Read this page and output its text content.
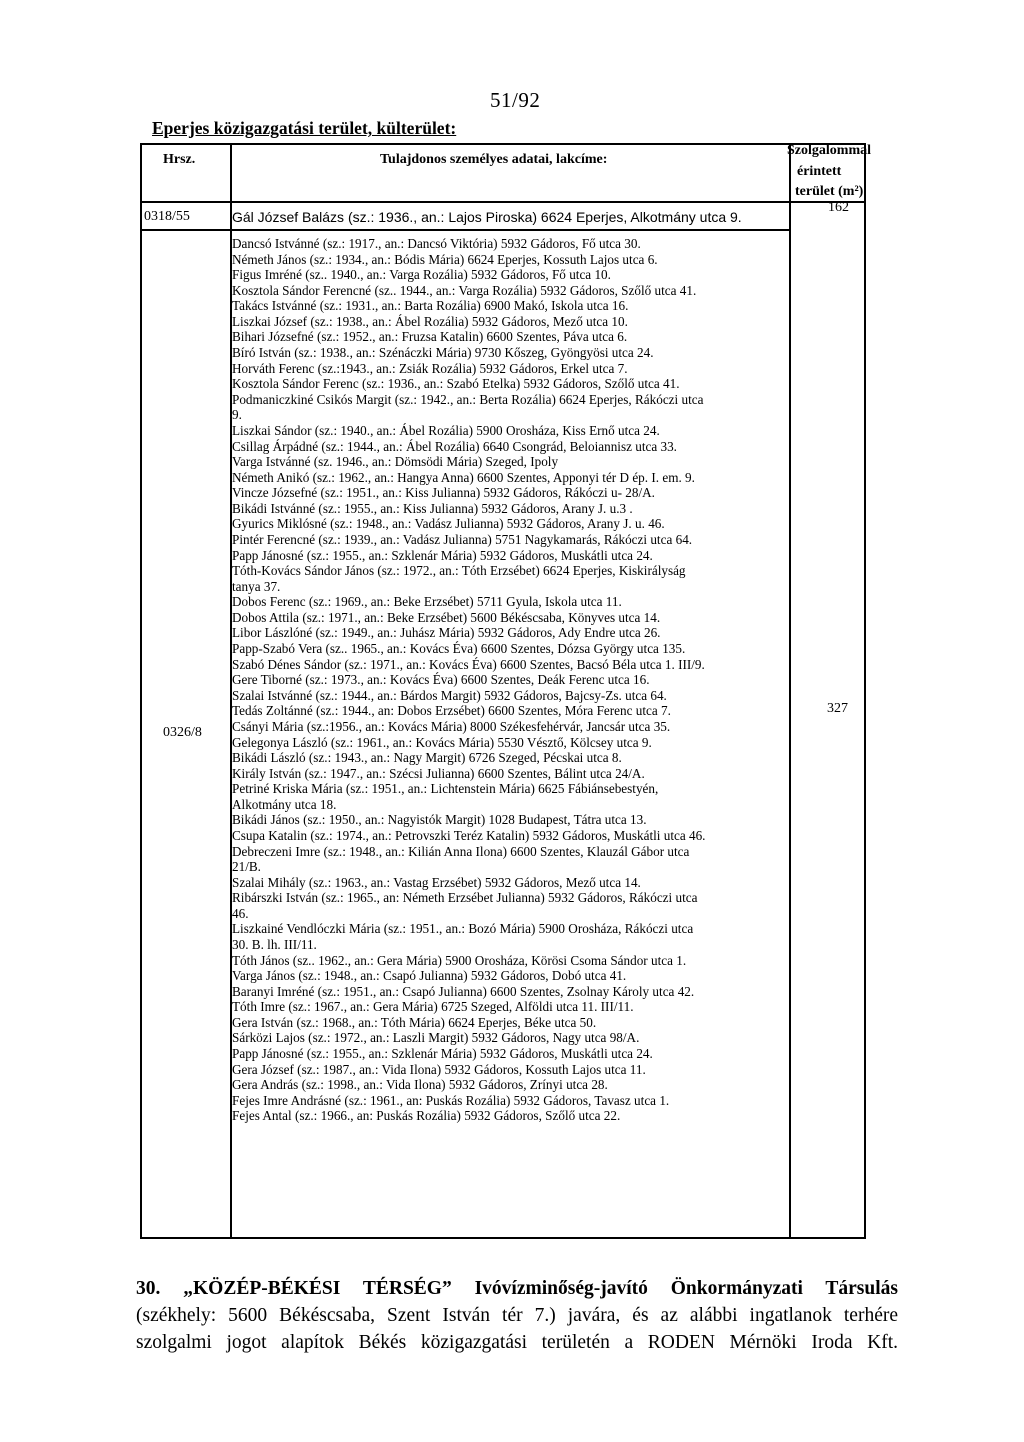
51/92
Eperjes közigazgatási terület, külterület:
Hrsz.	Tulajdonos személyes adatai, lakcíme:
Szolgalommal
érintett
terület (m²)
0318/55	Gál József Balázs (sz.: 1936., an.: Lajos Piroska) 6624 Eperjes, Alkotmány utca 9.
162
0326/8
327
Dancsó Istvánné (sz.: 1917., an.: Dancsó Viktória) 5932 Gádoros, Fő utca 30.
Németh János (sz.: 1934., an.: Bódis Mária) 6624 Eperjes, Kossuth Lajos utca 6.
Figus Imréné (sz.. 1940., an.: Varga Rozália) 5932 Gádoros, Fő utca 10.
Kosztola Sándor Ferencné (sz.. 1944., an.: Varga Rozália) 5932 Gádoros, Szőlő utca 41.
Takács Istvánné (sz.: 1931., an.: Barta Rozália) 6900 Makó, Iskola utca 16.
Liszkai József (sz.: 1938., an.: Ábel Rozália) 5932 Gádoros, Mező utca 10.
Bihari Józsefné (sz.: 1952., an.: Fruzsa Katalin) 6600 Szentes, Páva utca 6.
Bíró István (sz.: 1938., an.: Szénáczki Mária) 9730 Kőszeg, Gyöngyösi utca 24.
Horváth Ferenc (sz.:1943., an.: Zsiák Rozália) 5932 Gádoros, Erkel utca 7.
Kosztola Sándor Ferenc (sz.: 1936., an.: Szabó Etelka) 5932 Gádoros, Szőlő utca 41.
Podmaniczkiné Csikós Margit (sz.: 1942., an.: Berta Rozália) 6624 Eperjes, Rákóczi utca
9.
Liszkai Sándor (sz.: 1940., an.: Ábel Rozália) 5900 Orosháza, Kiss Ernő utca 24.
Csillag Árpádné (sz.: 1944., an.: Ábel Rozália) 6640 Csongrád, Beloiannisz utca 33.
Varga Istvánné (sz. 1946., an.: Dömsödi Mária) Szeged, Ipoly
Németh Anikó (sz.: 1962., an.: Hangya Anna) 6600 Szentes, Apponyi tér D ép. I. em. 9.
Vincze Józsefné (sz.: 1951., an.: Kiss Julianna) 5932 Gádoros, Rákóczi u- 28/A.
Bikádi Istvánné (sz.: 1955., an.: Kiss Julianna) 5932 Gádoros, Arany J. u.3 .
Gyurics Miklósné (sz.: 1948., an.: Vadász Julianna) 5932 Gádoros, Arany J. u. 46.
Pintér Ferencné (sz.: 1939., an.: Vadász Julianna) 5751 Nagykamarás, Rákóczi utca 64.
Papp Jánosné (sz.: 1955., an.: Szklenár Mária) 5932 Gádoros, Muskátli utca 24.
Tóth-Kovács Sándor János (sz.: 1972., an.: Tóth Erzsébet) 6624 Eperjes, Kiskirályság
tanya 37.
Dobos Ferenc (sz.: 1969., an.: Beke Erzsébet) 5711 Gyula, Iskola utca 11.
Dobos Attila (sz.: 1971., an.: Beke Erzsébet) 5600 Békéscsaba, Könyves utca 14.
Libor Lászlóné (sz.: 1949., an.: Juhász Mária) 5932 Gádoros, Ady Endre utca 26.
Papp-Szabó Vera (sz.. 1965., an.: Kovács Éva) 6600 Szentes, Dózsa György utca 135.
Szabó Dénes Sándor (sz.: 1971., an.: Kovács Éva) 6600 Szentes, Bacsó Béla utca 1. III/9.
Gere Tiborné (sz.: 1973., an.: Kovács Éva) 6600 Szentes, Deák Ferenc utca 16.
Szalai Istvánné (sz.: 1944., an.: Bárdos Margit) 5932 Gádoros, Bajcsy-Zs. utca 64.
Tedás Zoltánné (sz.: 1944., an: Dobos Erzsébet) 6600 Szentes, Móra Ferenc utca 7.
Csányi Mária (sz.:1956., an.: Kovács Mária) 8000 Székesfehérvár, Jancsár utca 35.
Gelegonya László (sz.: 1961., an.: Kovács Mária) 5530 Vésztő, Kölcsey utca 9.
Bikádi László (sz.: 1943., an.: Nagy Margit) 6726 Szeged, Pécskai utca 8.
Király István (sz.: 1947., an.: Szécsi Julianna) 6600 Szentes, Bálint utca 24/A.
Petriné Kriska Mária (sz.: 1951., an.: Lichtenstein Mária) 6625 Fábiánsebestyén,
Alkotmány utca 18.
Bikádi János (sz.: 1950., an.: Nagyistók Margit) 1028 Budapest, Tátra utca 13.
Csupa Katalin (sz.: 1974., an.: Petrovszki Teréz Katalin) 5932 Gádoros, Muskátli utca 46.
Debreczeni Imre (sz.: 1948., an.: Kilián Anna Ilona) 6600 Szentes, Klauzál Gábor utca
21/B.
Szalai Mihály (sz.: 1963., an.: Vastag Erzsébet) 5932 Gádoros, Mező utca 14.
Ribárszki István (sz.: 1965., an: Németh Erzsébet Julianna) 5932 Gádoros, Rákóczi utca
46.
Liszkainé Vendlóczki Mária (sz.: 1951., an.: Bozó Mária) 5900 Orosháza, Rákóczi utca
30. B. lh. III/11.
Tóth János (sz.. 1962., an.: Gera Mária) 5900 Orosháza, Körösi Csoma Sándor utca 1.
Varga János (sz.: 1948., an.: Csapó Julianna) 5932 Gádoros, Dobó utca 41.
Baranyi Imréné (sz.: 1951., an.: Csapó Julianna) 6600 Szentes, Zsolnay Károly utca 42.
Tóth Imre (sz.: 1967., an.: Gera Mária) 6725 Szeged, Alföldi utca 11. III/11.
Gera István (sz.: 1968., an.: Tóth Mária) 6624 Eperjes, Béke utca 50.
Sárközi Lajos (sz.: 1972., an.: Laszli Margit) 5932 Gádoros, Nagy utca 98/A.
Papp Jánosné (sz.: 1955., an.: Szklenár Mária) 5932 Gádoros, Muskátli utca 24.
Gera József (sz.: 1987., an.: Vida Ilona) 5932 Gádoros, Kossuth Lajos utca 11.
Gera András (sz.: 1998., an.: Vida Ilona) 5932 Gádoros, Zrínyi utca 28.
Fejes Imre Andrásné (sz.: 1961., an: Puskás Rozália) 5932 Gádoros, Tavasz utca 1.
Fejes Antal (sz.: 1966., an: Puskás Rozália) 5932 Gádoros, Szőlő utca 22.
30. „KÖZÉP-BÉKÉSI TÉRSÉG” Ivóvízminőség-javító Önkormányzati Társulás
(székhely: 5600 Békéscsaba, Szent István tér 7.) javára, és az alábbi ingatlanok terhére
szolgalmi jogot alapítok Békés közigazgatási területén a RODEN Mérnöki Iroda Kft.
